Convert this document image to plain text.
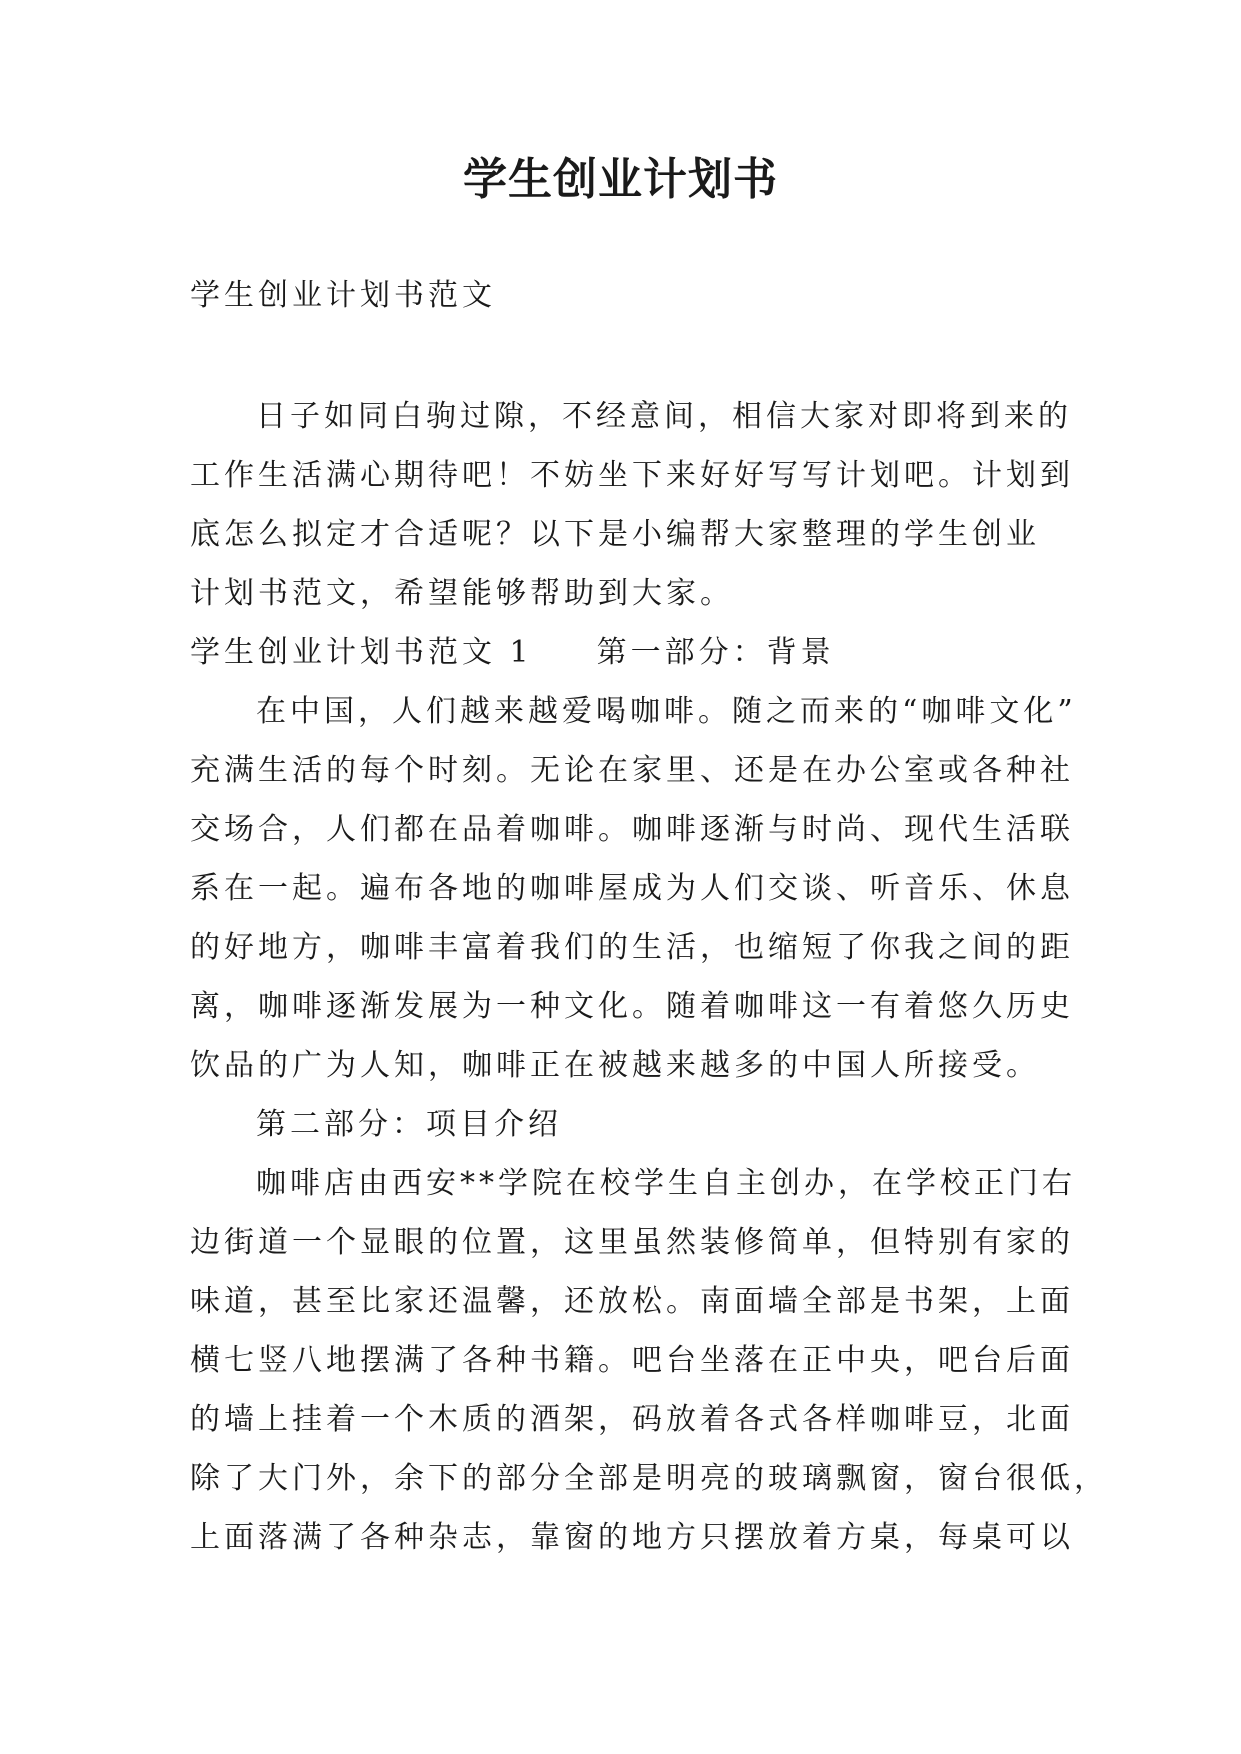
学生创业计划书
学生创业计划书范文
日子如同白驹过隙，不经意间，相信大家对即将到来的
工作生活满心期待吧！不妨坐下来好好写写计划吧。计划到
底怎么拟定才合适呢？以下是小编帮大家整理的学生创业
计划书范文，希望能够帮助到大家。
学生创业计划书范文 1 第一部分：背景
在中国，人们越来越爱喝咖啡。随之而来的“咖啡文化”
充满生活的每个时刻。无论在家里、还是在办公室或各种社
交场合，人们都在品着咖啡。咖啡逐渐与时尚、现代生活联
系在一起。遍布各地的咖啡屋成为人们交谈、听音乐、休息
的好地方，咖啡丰富着我们的生活，也缩短了你我之间的距
离，咖啡逐渐发展为一种文化。随着咖啡这一有着悠久历史
饮品的广为人知，咖啡正在被越来越多的中国人所接受。
第二部分：项目介绍
咖啡店由西安**学院在校学生自主创办，在学校正门右
边街道一个显眼的位置，这里虽然装修简单，但特别有家的
味道，甚至比家还温馨，还放松。南面墙全部是书架，上面
横七竖八地摆满了各种书籍。吧台坐落在正中央，吧台后面
的墙上挂着一个木质的酒架，码放着各式各样咖啡豆，北面
除了大门外，余下的部分全部是明亮的玻璃飘窗，窗台很低，
上面落满了各种杂志，靠窗的地方只摆放着方桌，每桌可以
